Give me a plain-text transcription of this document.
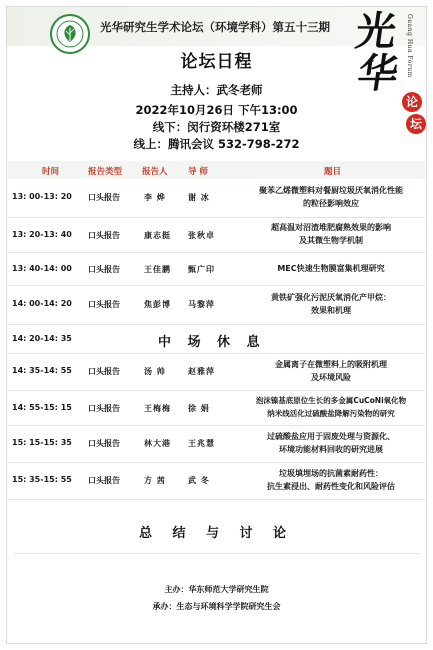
光华研究生学术论坛（环境学科）第五十三期 光
华 Guang Hua Forum
论
坛
论坛日程
主持人：武冬老师
2022年10月26日 下午13:00
线下：闵行资环楼271室
线上：腾讯会议 532-798-272
时间	报告类型 报告人 导 师	题目
13: 00-13: 20 口头报告	李 烨	谢 冰
聚苯乙烯微塑料对餐厨垃圾厌氧消化性能
的粒径影响效应
13: 20-13: 40 口头报告	康志挺 张秋卓
超高温对沼渣堆肥腐熟效果的影响
及其微生物学机制
13: 40-14: 00 口头报告	王佳鹏 甄广印	MEC快速生物膜富集机理研究
14: 00-14: 20 口头报告	焦彭博 马黎萍
黄铁矿强化污泥厌氧消化产甲烷：
效果和机理
14: 20-14: 35	中 场 休 息
14: 35-14: 55 口头报告	汤 帅	赵雅萍
金属离子在微塑料上的吸附机理
及环境风险
14: 55-15: 15 口头报告	王梅梅 徐 娟
泡沫镍基底原位生长的多金属CuCoNi氧化物
纳米线活化过硫酸盐降解污染物的研究
15: 15-15: 35 口头报告	林大港 王兆慧
过硫酸盐应用于固废处理与资源化、
环境功能材料回收的研究进展
15: 35-15: 55 口头报告	方 茜	武 冬
垃圾填埋场的抗菌素耐药性：
抗生素浸出、耐药性变化和风险评估
总 结 与 讨 论
主办：华东师范大学研究生院
承办：生态与环境科学学院研究生会
